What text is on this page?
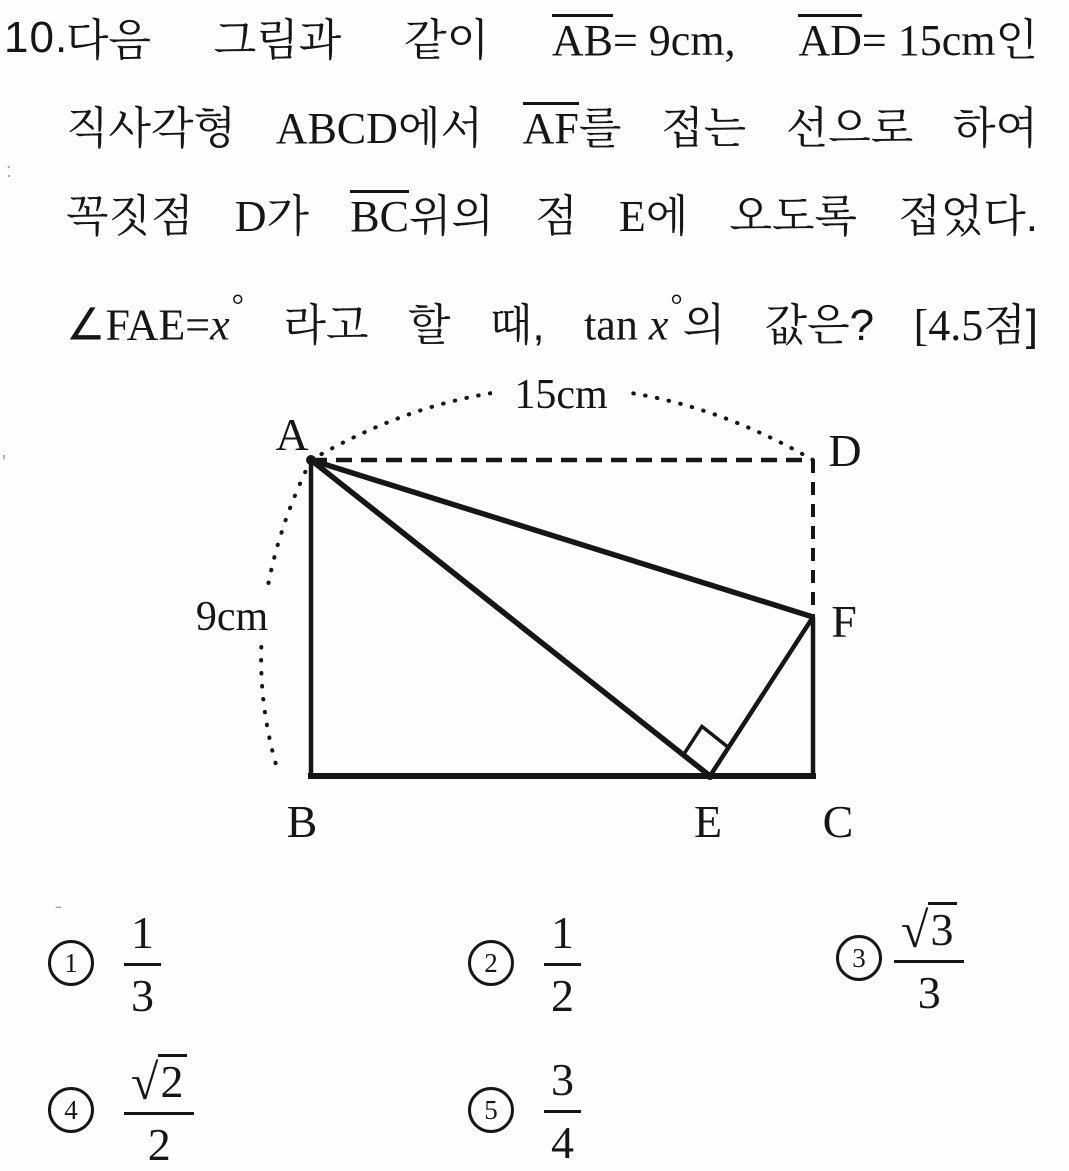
10.
다음 그림과 같이 AB= 9cm, AD= 15cm인
직사각형 ABCD에서 AF를 접는 선으로 하여
꼭짓점 D가 BC위의 점 E에 오도록 접었다.
∠FAE=x° 라고 할 때, tan x°의 값은? [4.5점]
A	D
B	E C
F
15cm
9cm
1	$\frac{1}{3}$	2	$\frac{1}{2}$	$3 \frac{√ 3}{3}$
$4 \frac{√ 2}{2}$	5	$\frac{3}{4}$
:
'
ˍ
